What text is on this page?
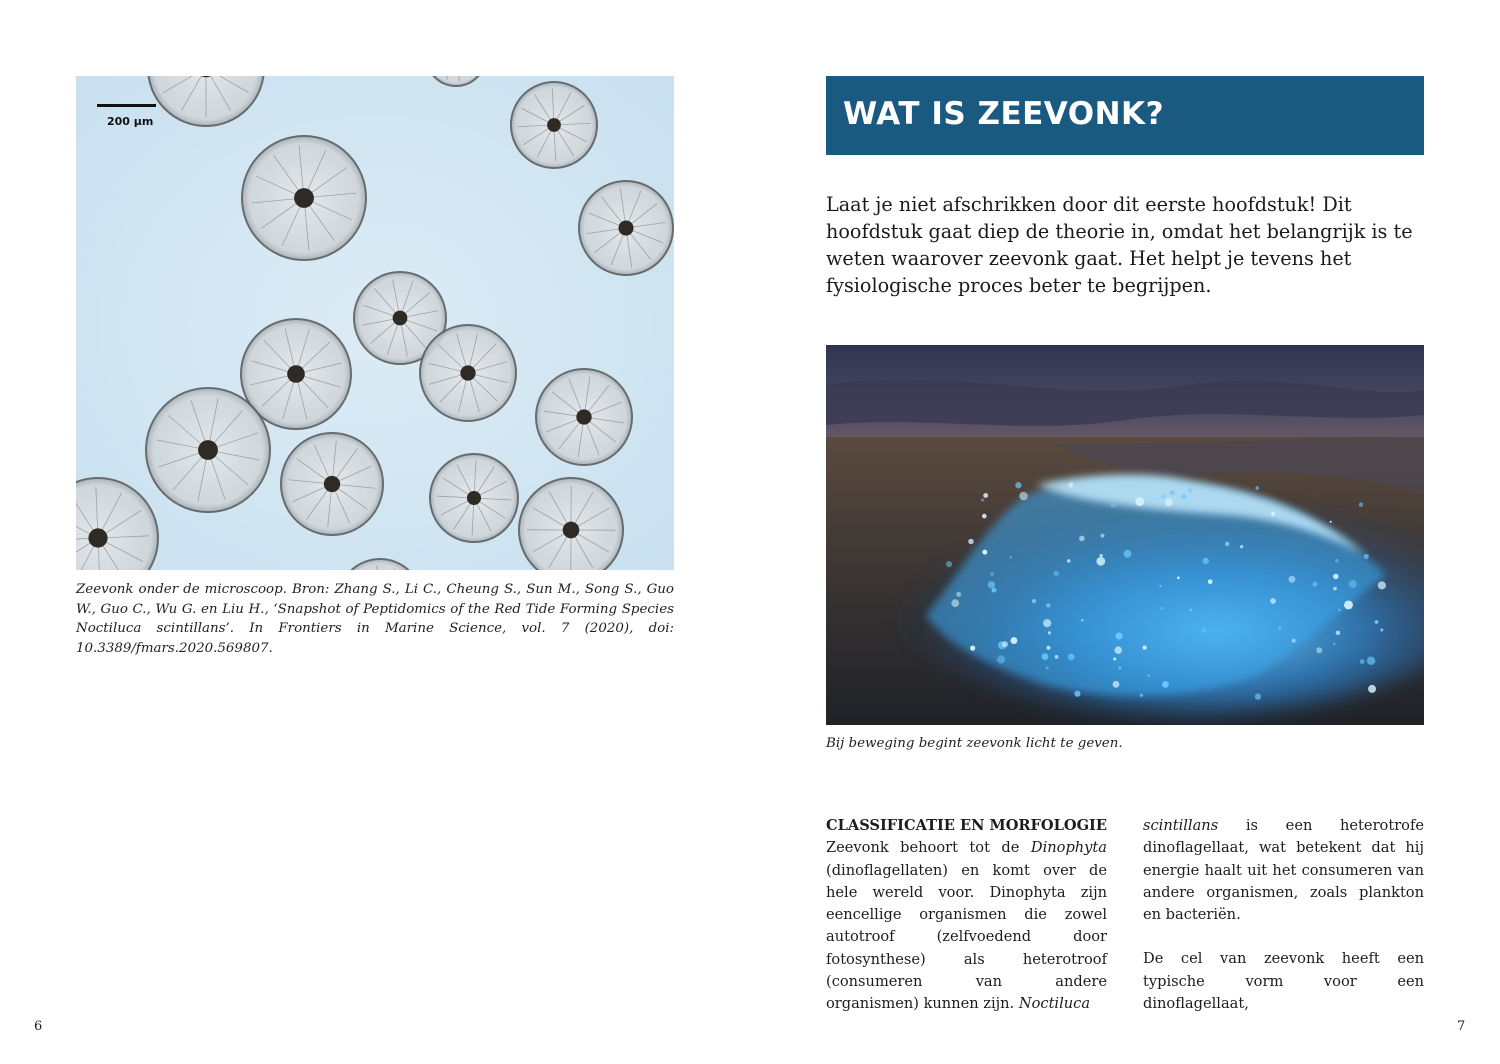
200 µm

Zeevonk onder de microscoop. Bron: Zhang S., Li C., Cheung S., Sun M., Song S., Guo W., Guo C., Wu G. en Liu H., ‘Snapshot of Peptidomics of the Red Tide Forming Species Noctiluca scintillans’. In Frontiers in Marine Science, vol. 7 (2020), doi: 10.3389/fmars.2020.569807.

6

WAT IS ZEEVONK?

Laat je niet afschrikken door dit eerste hoofdstuk! Dit hoofdstuk gaat diep de theorie in, omdat het belangrijk is te weten waarover zeevonk gaat. Het helpt je tevens het fysiologische proces beter te begrijpen.

Bij beweging begint zeevonk licht te geven.

CLASSIFICATIE EN MORFOLOGIE
Zeevonk behoort tot de Dinophyta (dinoflagellaten) en komt over de hele wereld voor. Dinophyta zijn eencellige organismen die zowel autotroof (zelfvoedend door fotosynthese) als heterotroof (consumeren van andere organismen) kunnen zijn. Noctiluca

scintillans is een heterotrofe dinoflagellaat, wat betekent dat hij energie haalt uit het consumeren van andere organismen, zoals plankton en bacteriën.

De cel van zeevonk heeft een typische vorm voor een dinoflagellaat,

7
